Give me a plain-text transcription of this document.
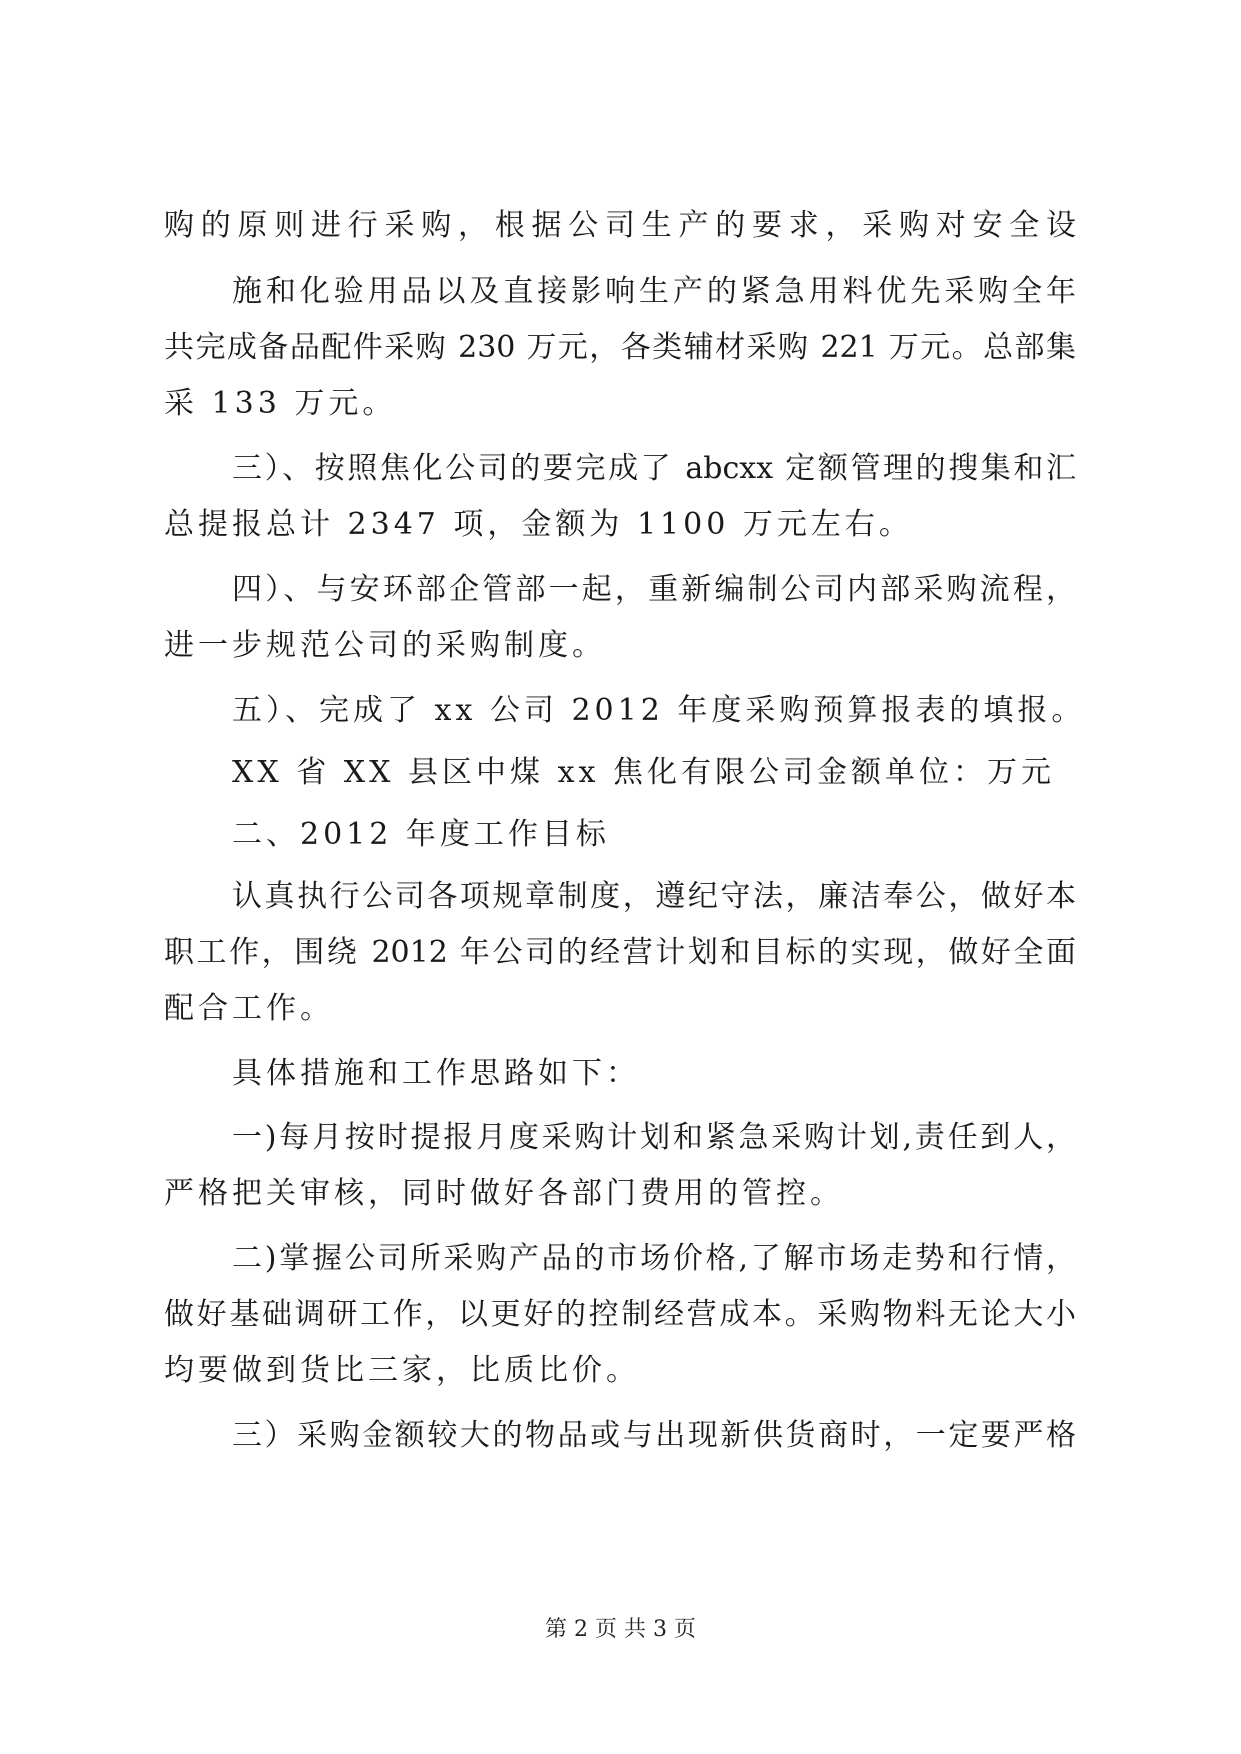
购的原则进行采购，根据公司生产的要求，采购对安全设
施和化验用品以及直接影响生产的紧急用料优先采购全年
共完成备品配件采购 230 万元，各类辅材采购 221 万元。总部集
采 133 万元。
三）、按照焦化公司的要完成了 abcxx 定额管理的搜集和汇
总提报总计 2347 项，金额为 1100 万元左右。
四）、与安环部企管部一起，重新编制公司内部采购流程，
进一步规范公司的采购制度。
五）、完成了 xx 公司 2012 年度采购预算报表的填报。
XX 省 XX 县区中煤 xx 焦化有限公司金额单位：万元
二、2012 年度工作目标
认真执行公司各项规章制度，遵纪守法，廉洁奉公，做好本
职工作，围绕 2012 年公司的经营计划和目标的实现，做好全面
配合工作。
具体措施和工作思路如下：
一)每月按时提报月度采购计划和紧急采购计划,责任到人，
严格把关审核，同时做好各部门费用的管控。
二)掌握公司所采购产品的市场价格,了解市场走势和行情，
做好基础调研工作，以更好的控制经营成本。采购物料无论大小
均要做到货比三家，比质比价。
三）采购金额较大的物品或与出现新供货商时，一定要严格
第 2 页 共 3 页
